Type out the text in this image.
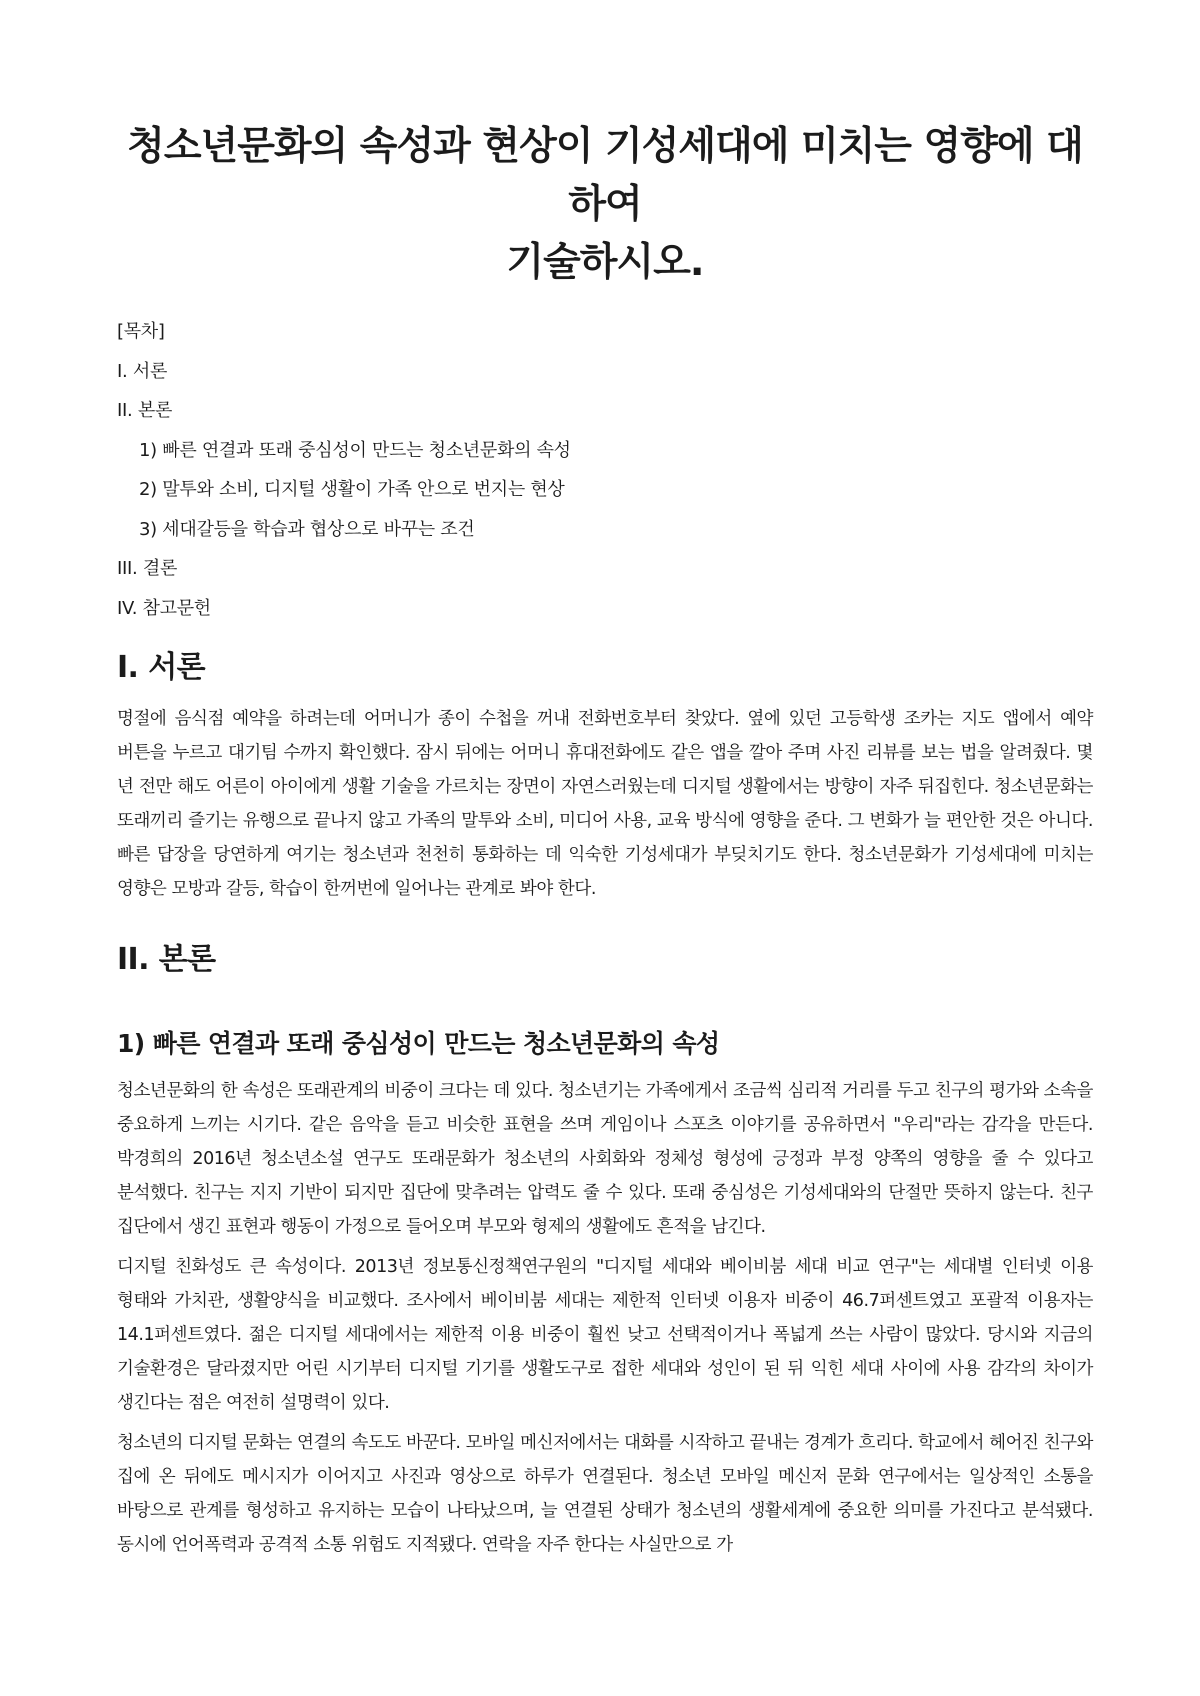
청소년문화의 속성과 현상이 기성세대에 미치는 영향에 대하여
기술하시오.
[목차]
I. 서론
II. 본론
1) 빠른 연결과 또래 중심성이 만드는 청소년문화의 속성
2) 말투와 소비, 디지털 생활이 가족 안으로 번지는 현상
3) 세대갈등을 학습과 협상으로 바꾸는 조건
III. 결론
IV. 참고문헌
I. 서론

명절에 음식점 예약을 하려는데 어머니가 종이 수첩을 꺼내 전화번호부터 찾았다. 옆에 있던 고등학생 조카는 지도 앱에서 예약 버튼을 누르고 대기팀 수까지 확인했다. 잠시 뒤에는 어머니 휴대전화에도 같은 앱을 깔아 주며 사진 리뷰를 보는 법을 알려줬다. 몇 년 전만 해도 어른이 아이에게 생활 기술을 가르치는 장면이 자연스러웠는데 디지털 생활에서는 방향이 자주 뒤집힌다. 청소년문화는 또래끼리 즐기는 유행으로 끝나지 않고 가족의 말투와 소비, 미디어 사용, 교육 방식에 영향을 준다. 그 변화가 늘 편안한 것은 아니다. 빠른 답장을 당연하게 여기는 청소년과 천천히 통화하는 데 익숙한 기성세대가 부딪치기도 한다. 청소년문화가 기성세대에 미치는 영향은 모방과 갈등, 학습이 한꺼번에 일어나는 관계로 봐야 한다.

II. 본론
1) 빠른 연결과 또래 중심성이 만드는 청소년문화의 속성

청소년문화의 한 속성은 또래관계의 비중이 크다는 데 있다. 청소년기는 가족에게서 조금씩 심리적 거리를 두고 친구의 평가와 소속을 중요하게 느끼는 시기다. 같은 음악을 듣고 비슷한 표현을 쓰며 게임이나 스포츠 이야기를 공유하면서 "우리"라는 감각을 만든다. 박경희의 2016년 청소년소설 연구도 또래문화가 청소년의 사회화와 정체성 형성에 긍정과 부정 양쪽의 영향을 줄 수 있다고 분석했다. 친구는 지지 기반이 되지만 집단에 맞추려는 압력도 줄 수 있다. 또래 중심성은 기성세대와의 단절만 뜻하지 않는다. 친구 집단에서 생긴 표현과 행동이 가정으로 들어오며 부모와 형제의 생활에도 흔적을 남긴다.

디지털 친화성도 큰 속성이다. 2013년 정보통신정책연구원의 "디지털 세대와 베이비붐 세대 비교 연구"는 세대별 인터넷 이용 형태와 가치관, 생활양식을 비교했다. 조사에서 베이비붐 세대는 제한적 인터넷 이용자 비중이 46.7퍼센트였고 포괄적 이용자는 14.1퍼센트였다. 젊은 디지털 세대에서는 제한적 이용 비중이 훨씬 낮고 선택적이거나 폭넓게 쓰는 사람이 많았다. 당시와 지금의 기술환경은 달라졌지만 어린 시기부터 디지털 기기를 생활도구로 접한 세대와 성인이 된 뒤 익힌 세대 사이에 사용 감각의 차이가 생긴다는 점은 여전히 설명력이 있다.

청소년의 디지털 문화는 연결의 속도도 바꾼다. 모바일 메신저에서는 대화를 시작하고 끝내는 경계가 흐리다. 학교에서 헤어진 친구와 집에 온 뒤에도 메시지가 이어지고 사진과 영상으로 하루가 연결된다. 청소년 모바일 메신저 문화 연구에서는 일상적인 소통을 바탕으로 관계를 형성하고 유지하는 모습이 나타났으며, 늘 연결된 상태가 청소년의 생활세계에 중요한 의미를 가진다고 분석됐다. 동시에 언어폭력과 공격적 소통 위험도 지적됐다. 연락을 자주 한다는 사실만으로 가
